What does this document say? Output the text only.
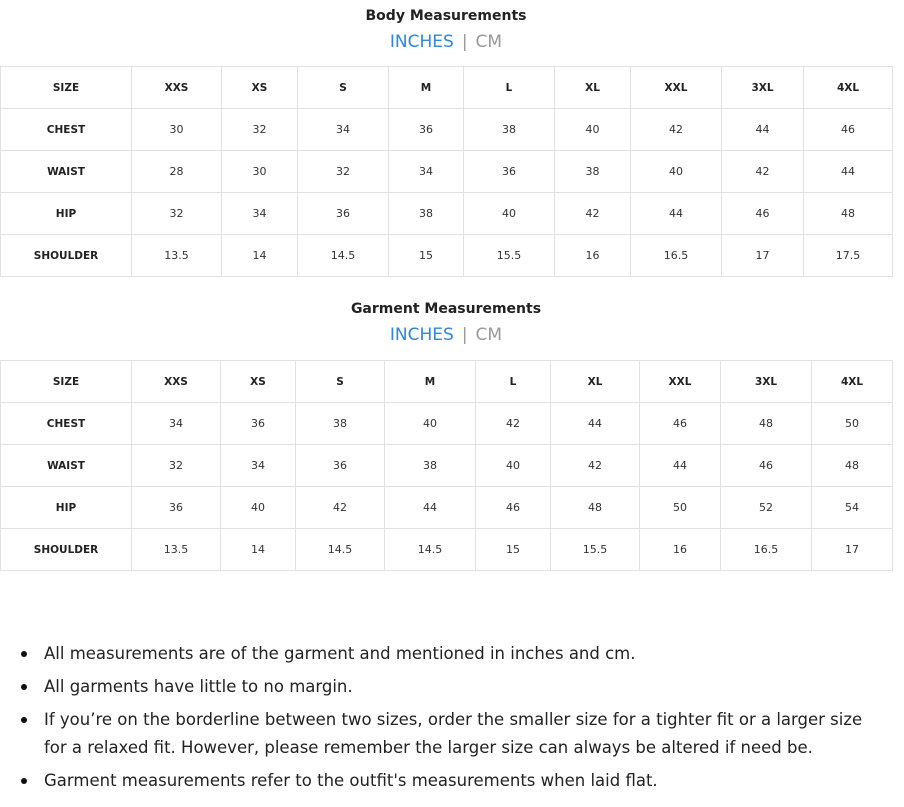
Body Measurements
INCHES | CM
SIZE	XXS	XS	S	M	L	XL	XXL	3XL	4XL
CHEST	30	32	34	36	38	40	42	44	46
WAIST	28	30	32	34	36	38	40	42	44
HIP	32	34	36	38	40	42	44	46	48
SHOULDER	13.5	14	14.5	15	15.5	16	16.5	17	17.5
Garment Measurements
INCHES | CM
SIZE	XXS	XS	S	M	L	XL	XXL	3XL	4XL
CHEST	34	36	38	40	42	44	46	48	50
WAIST	32	34	36	38	40	42	44	46	48
HIP	36	40	42	44	46	48	50	52	54
SHOULDER	13.5	14	14.5	14.5	15	15.5	16	16.5	17
All measurements are of the garment and mentioned in inches and cm.
All garments have little to no margin.
If you’re on the borderline between two sizes, order the smaller size for a tighter fit or a larger size for a relaxed fit. However, please remember the larger size can always be altered if need be.
Garment measurements refer to the outfit's measurements when laid flat.
